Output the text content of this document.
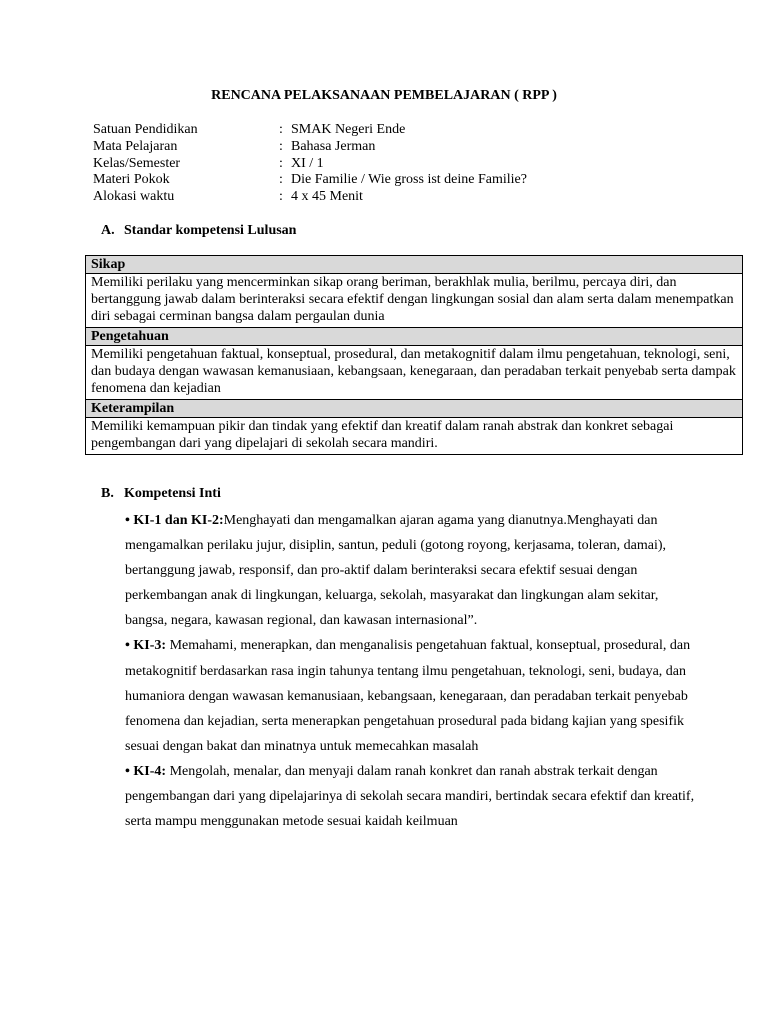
RENCANA PELAKSANAAN PEMBELAJARAN ( RPP )
Satuan Pendidikan	: SMAK Negeri Ende
Mata Pelajaran	: Bahasa Jerman
Kelas/Semester	: XI / 1
Materi Pokok	: Die Familie / Wie gross ist deine Familie?
Alokasi waktu	: 4 x 45 Menit
A. Standar kompetensi Lulusan
Sikap
Memiliki perilaku yang mencerminkan sikap orang beriman, berakhlak mulia, berilmu, percaya diri, dan bertanggung jawab dalam berinteraksi secara efektif dengan lingkungan sosial dan alam serta dalam menempatkan diri sebagai cerminan bangsa dalam pergaulan dunia
Pengetahuan
Memiliki pengetahuan faktual, konseptual, prosedural, dan metakognitif dalam ilmu pengetahuan, teknologi, seni, dan budaya dengan wawasan kemanusiaan, kebangsaan, kenegaraan, dan peradaban terkait penyebab serta dampak fenomena dan kejadian
Keterampilan
Memiliki kemampuan pikir dan tindak yang efektif dan kreatif dalam ranah abstrak dan konkret sebagai pengembangan dari yang dipelajari di sekolah secara mandiri.
B. Kompetensi Inti

• KI-1 dan KI-2:Menghayati dan mengamalkan ajaran agama yang dianutnya.Menghayati dan mengamalkan perilaku jujur, disiplin, santun, peduli (gotong royong, kerjasama, toleran, damai), bertanggung jawab, responsif, dan pro-aktif dalam berinteraksi secara efektif sesuai dengan perkembangan anak di lingkungan, keluarga, sekolah, masyarakat dan lingkungan alam sekitar, bangsa, negara, kawasan regional, dan kawasan internasional”.

• KI-3: Memahami, menerapkan, dan menganalisis pengetahuan faktual, konseptual, prosedural, dan metakognitif berdasarkan rasa ingin tahunya tentang ilmu pengetahuan, teknologi, seni, budaya, dan humaniora dengan wawasan kemanusiaan, kebangsaan, kenegaraan, dan peradaban terkait penyebab fenomena dan kejadian, serta menerapkan pengetahuan prosedural pada bidang kajian yang spesifik sesuai dengan bakat dan minatnya untuk memecahkan masalah

• KI-4: Mengolah, menalar, dan menyaji dalam ranah konkret dan ranah abstrak terkait dengan pengembangan dari yang dipelajarinya di sekolah secara mandiri, bertindak secara efektif dan kreatif, serta mampu menggunakan metode sesuai kaidah keilmuan
